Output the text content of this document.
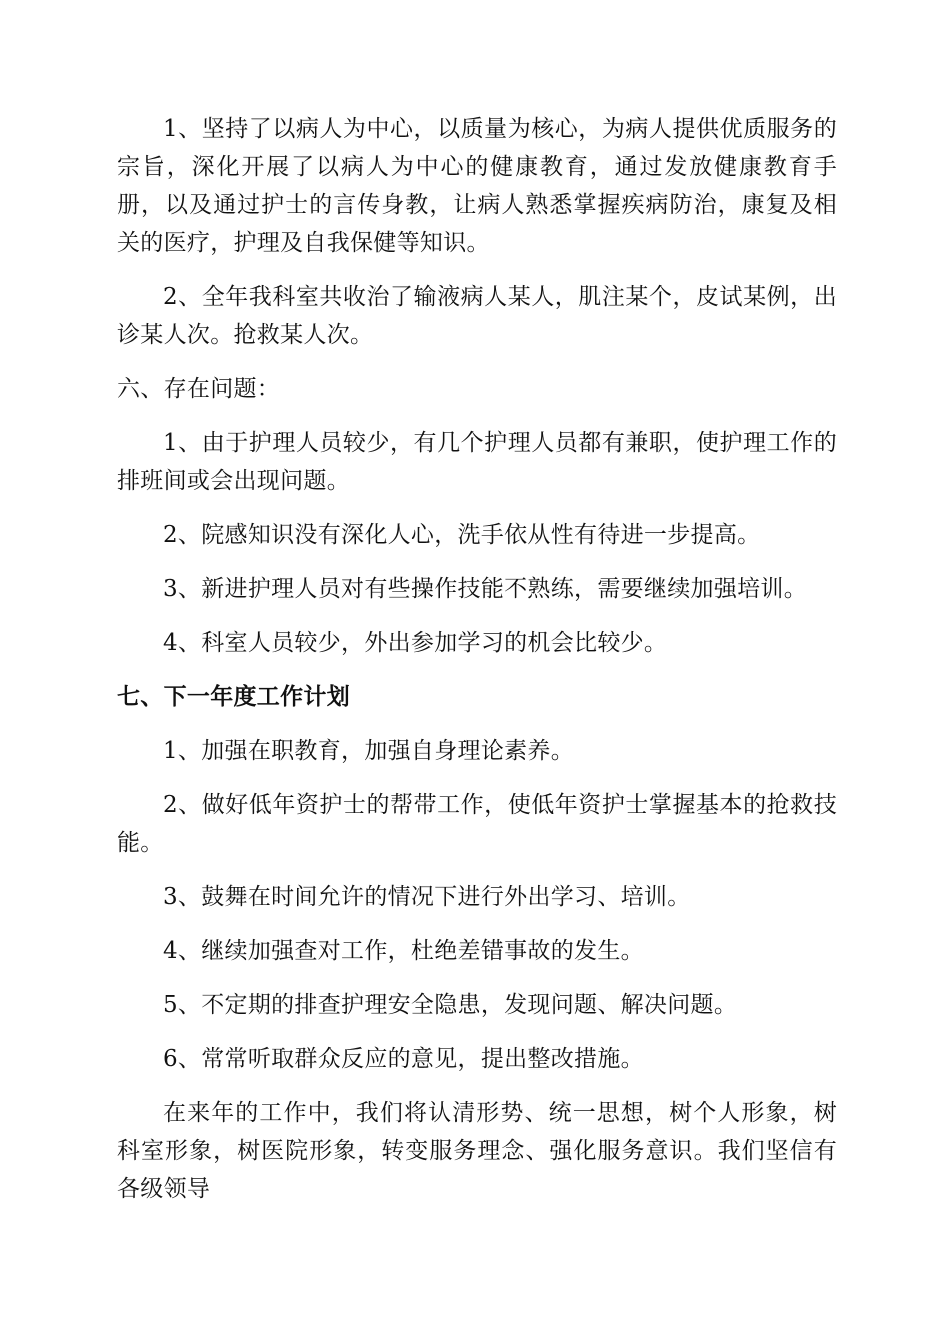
1、坚持了以病人为中心，以质量为核心，为病人提供优质服务的宗旨，深化开展了以病人为中心的健康教育，通过发放健康教育手册，以及通过护士的言传身教，让病人熟悉掌握疾病防治，康复及相关的医疗，护理及自我保健等知识。

2、全年我科室共收治了输液病人某人，肌注某个，皮试某例，出诊某人次。抢救某人次。

六、存在问题：

1、由于护理人员较少，有几个护理人员都有兼职，使护理工作的排班间或会出现问题。

2、院感知识没有深化人心，洗手依从性有待进一步提高。

3、新进护理人员对有些操作技能不熟练，需要继续加强培训。

4、科室人员较少，外出参加学习的机会比较少。

七、下一年度工作计划

1、加强在职教育，加强自身理论素养。

2、做好低年资护士的帮带工作，使低年资护士掌握基本的抢救技能。

3、鼓舞在时间允许的情况下进行外出学习、培训。

4、继续加强查对工作，杜绝差错事故的发生。

5、不定期的排查护理安全隐患，发现问题、解决问题。

6、常常听取群众反应的意见，提出整改措施。

在来年的工作中，我们将认清形势、统一思想，树个人形象，树科室形象，树医院形象，转变服务理念、强化服务意识。我们坚信有各级领导
